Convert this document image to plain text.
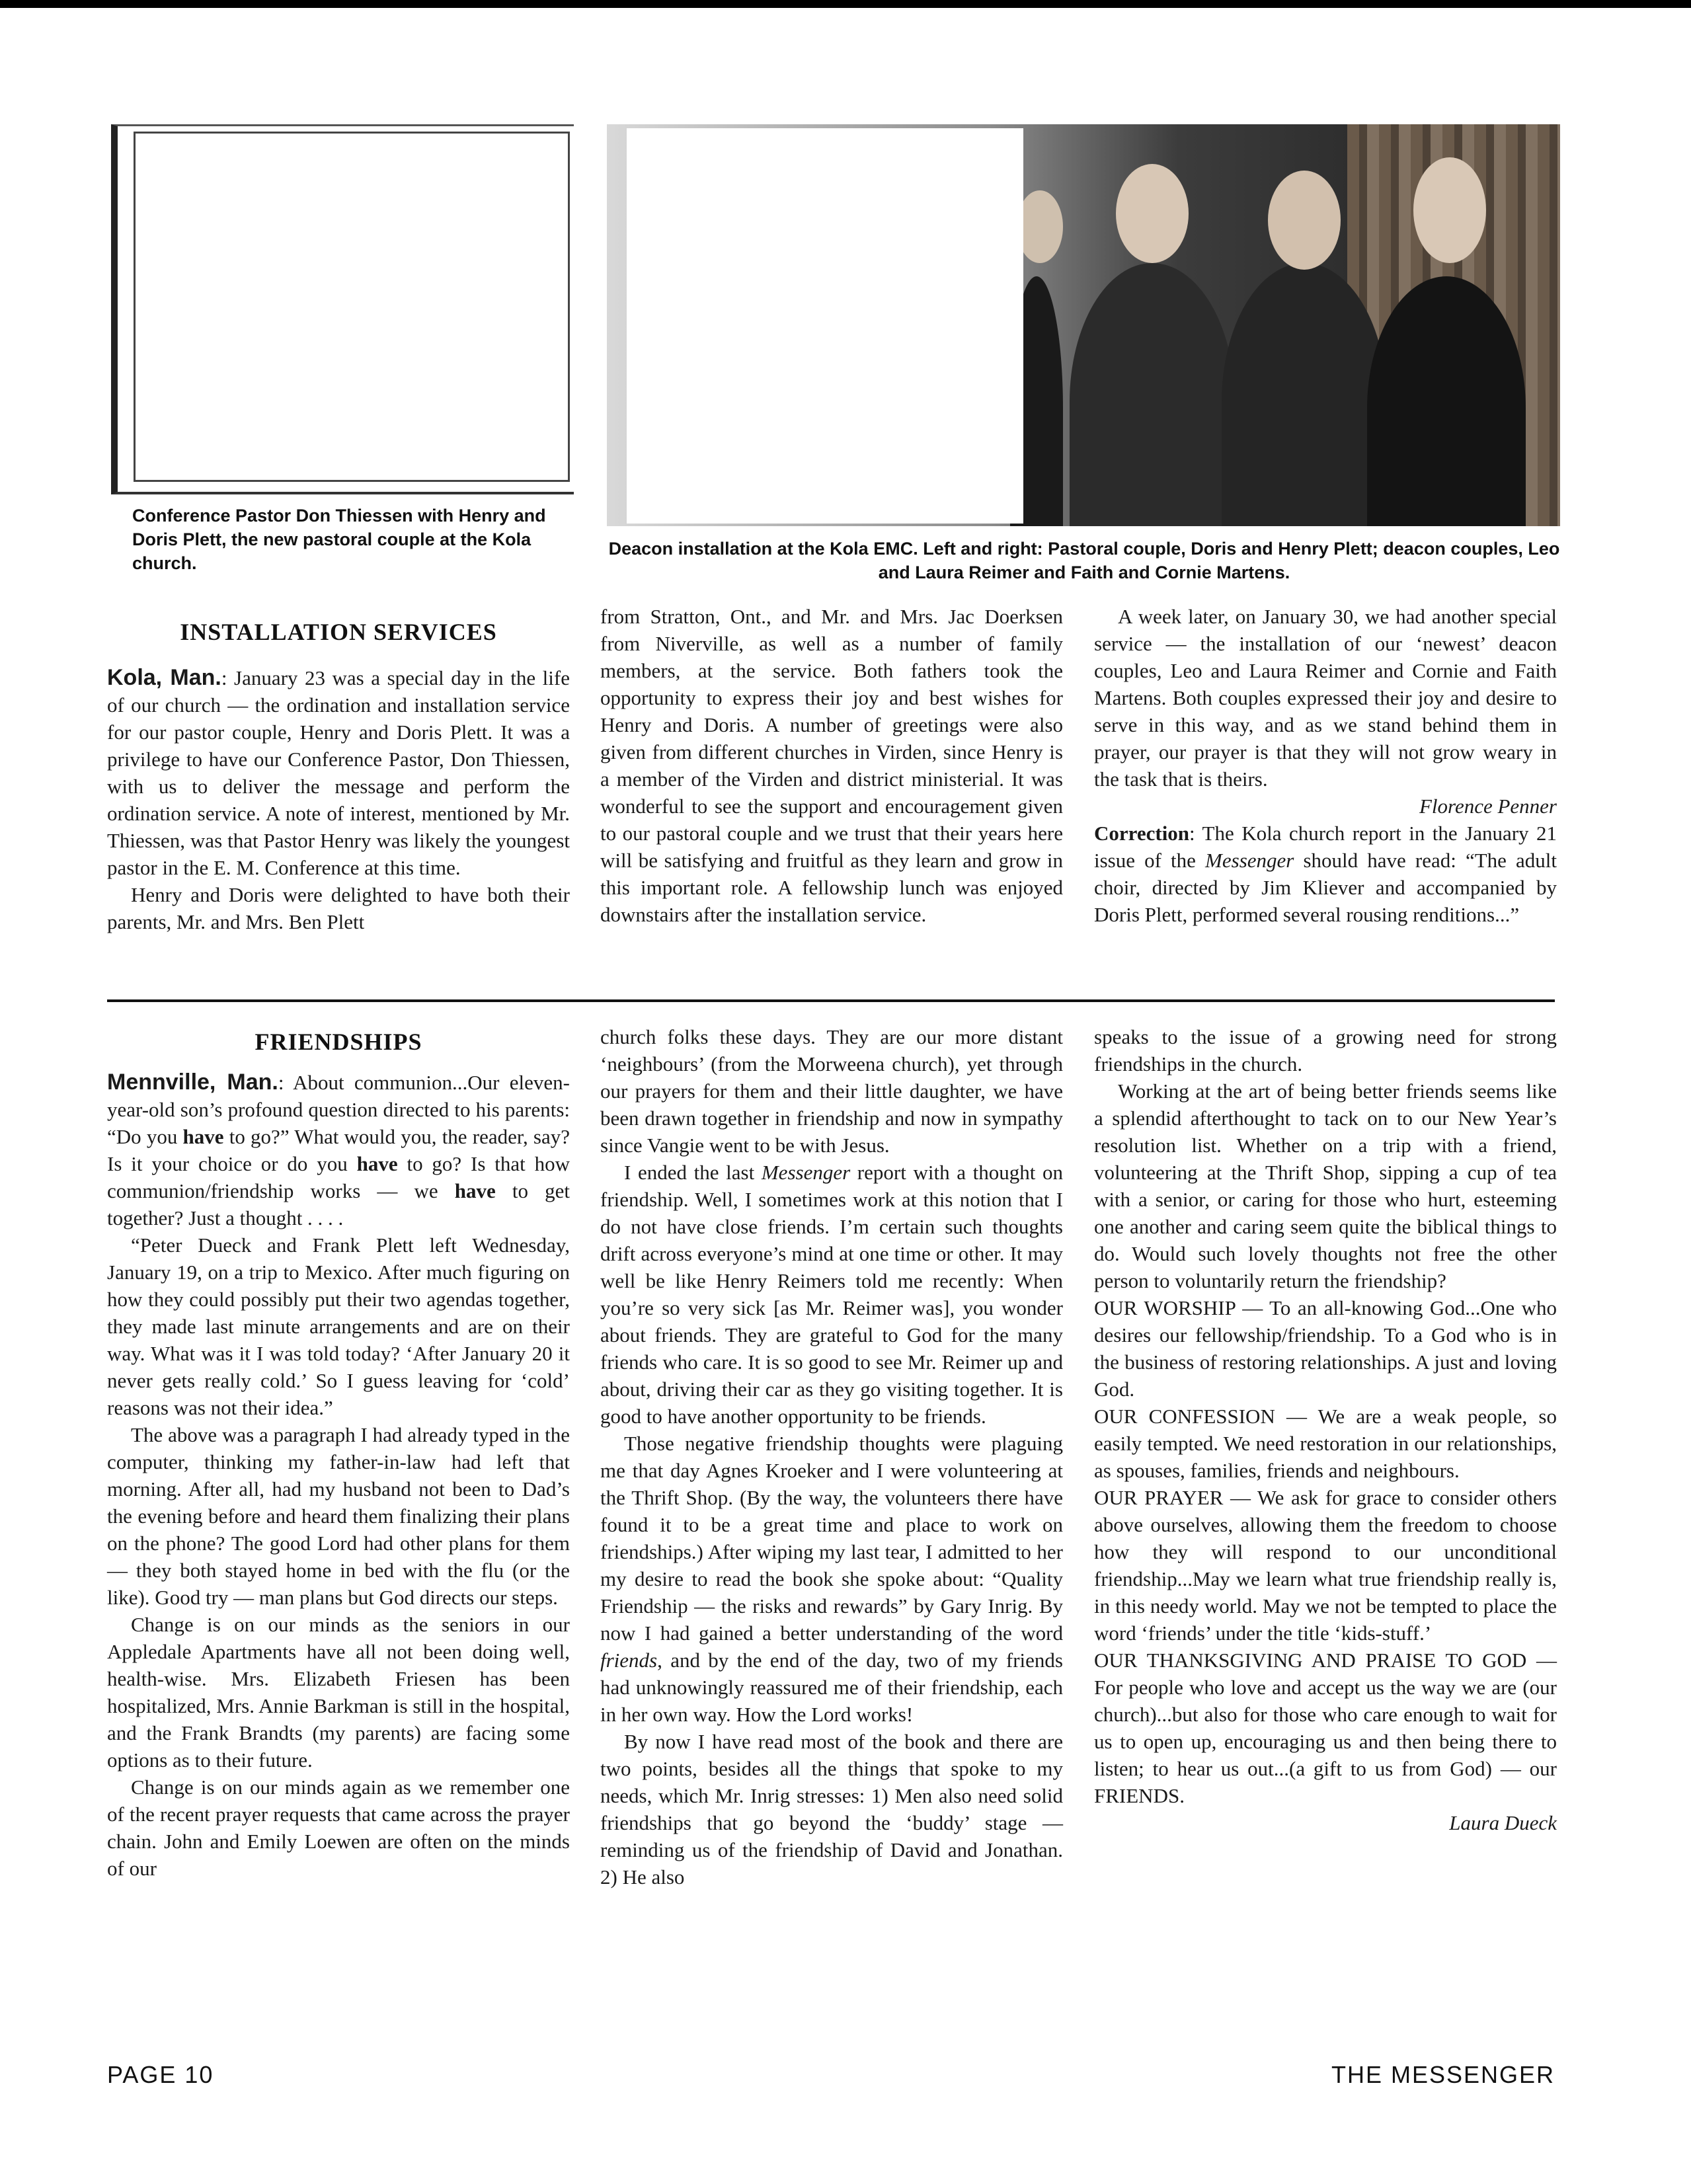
Conference Pastor Don Thiessen with Henry and Doris Plett, the new pastoral couple at the Kola church.
Deacon installation at the Kola EMC. Left and right: Pastoral couple, Doris and Henry Plett; deacon couples, Leo and Laura Reimer and Faith and Cornie Martens.
INSTALLATION SERVICES

Kola, Man.: January 23 was a special day in the life of our church — the ordination and installation service for our pastor couple, Henry and Doris Plett. It was a privilege to have our Conference Pastor, Don Thiessen, with us to deliver the message and perform the ordination service. A note of interest, mentioned by Mr. Thiessen, was that Pastor Henry was likely the youngest pastor in the E. M. Conference at this time.

Henry and Doris were delighted to have both their parents, Mr. and Mrs. Ben Plett

from Stratton, Ont., and Mr. and Mrs. Jac Doerksen from Niverville, as well as a number of family members, at the service. Both fathers took the opportunity to express their joy and best wishes for Henry and Doris. A number of greetings were also given from different churches in Virden, since Henry is a member of the Virden and district ministerial. It was wonderful to see the support and encouragement given to our pastoral couple and we trust that their years here will be satisfying and fruitful as they learn and grow in this important role. A fellowship lunch was enjoyed downstairs after the installation service.

A week later, on January 30, we had another special service — the installation of our ‘newest’ deacon couples, Leo and Laura Reimer and Cornie and Faith Martens. Both couples expressed their joy and desire to serve in this way, and as we stand behind them in prayer, our prayer is that they will not grow weary in the task that is theirs.

Florence Penner

Correction: The Kola church report in the January 21 issue of the Messenger should have read: “The adult choir, directed by Jim Kliever and accompanied by Doris Plett, performed several rousing renditions...”

FRIENDSHIPS

Mennville, Man.: About communion...Our eleven-year-old son’s profound question directed to his parents: “Do you have to go?” What would you, the reader, say? Is it your choice or do you have to go? Is that how communion/friendship works — we have to get together? Just a thought . . . .

“Peter Dueck and Frank Plett left Wednesday, January 19, on a trip to Mexico. After much figuring on how they could possibly put their two agendas together, they made last minute arrangements and are on their way. What was it I was told today? ‘After January 20 it never gets really cold.’ So I guess leaving for ‘cold’ reasons was not their idea.”

The above was a paragraph I had already typed in the computer, thinking my father-in-law had left that morning. After all, had my husband not been to Dad’s the evening before and heard them finalizing their plans on the phone? The good Lord had other plans for them — they both stayed home in bed with the flu (or the like). Good try — man plans but God directs our steps.

Change is on our minds as the seniors in our Appledale Apartments have all not been doing well, health-wise. Mrs. Elizabeth Friesen has been hospitalized, Mrs. Annie Barkman is still in the hospital, and the Frank Brandts (my parents) are facing some options as to their future.

Change is on our minds again as we remember one of the recent prayer requests that came across the prayer chain. John and Emily Loewen are often on the minds of our

church folks these days. They are our more distant ‘neighbours’ (from the Morweena church), yet through our prayers for them and their little daughter, we have been drawn together in friendship and now in sympathy since Vangie went to be with Jesus.

I ended the last Messenger report with a thought on friendship. Well, I sometimes work at this notion that I do not have close friends. I’m certain such thoughts drift across everyone’s mind at one time or other. It may well be like Henry Reimers told me recently: When you’re so very sick [as Mr. Reimer was], you wonder about friends. They are grateful to God for the many friends who care. It is so good to see Mr. Reimer up and about, driving their car as they go visiting together. It is good to have another opportunity to be friends.

Those negative friendship thoughts were plaguing me that day Agnes Kroeker and I were volunteering at the Thrift Shop. (By the way, the volunteers there have found it to be a great time and place to work on friendships.) After wiping my last tear, I admitted to her my desire to read the book she spoke about: “Quality Friendship — the risks and rewards” by Gary Inrig. By now I had gained a better understanding of the word friends, and by the end of the day, two of my friends had unknowingly reassured me of their friendship, each in her own way. How the Lord works!

By now I have read most of the book and there are two points, besides all the things that spoke to my needs, which Mr. Inrig stresses: 1) Men also need solid friendships that go beyond the ‘buddy’ stage — reminding us of the friendship of David and Jonathan. 2) He also

speaks to the issue of a growing need for strong friendships in the church.

Working at the art of being better friends seems like a splendid afterthought to tack on to our New Year’s resolution list. Whether on a trip with a friend, volunteering at the Thrift Shop, sipping a cup of tea with a senior, or caring for those who hurt, esteeming one another and caring seem quite the biblical things to do. Would such lovely thoughts not free the other person to voluntarily return the friendship?

OUR WORSHIP — To an all-knowing God...One who desires our fellowship/friendship. To a God who is in the business of restoring relationships. A just and loving God.

OUR CONFESSION — We are a weak people, so easily tempted. We need restoration in our relationships, as spouses, families, friends and neighbours.

OUR PRAYER — We ask for grace to consider others above ourselves, allowing them the freedom to choose how they will respond to our unconditional friendship...May we learn what true friendship really is, in this needy world. May we not be tempted to place the word ‘friends’ under the title ‘kids-stuff.’

OUR THANKSGIVING AND PRAISE TO GOD — For people who love and accept us the way we are (our church)...but also for those who care enough to wait for us to open up, encouraging us and then being there to listen; to hear us out...(a gift to us from God) — our FRIENDS.

Laura Dueck

PAGE 10	THE MESSENGER
